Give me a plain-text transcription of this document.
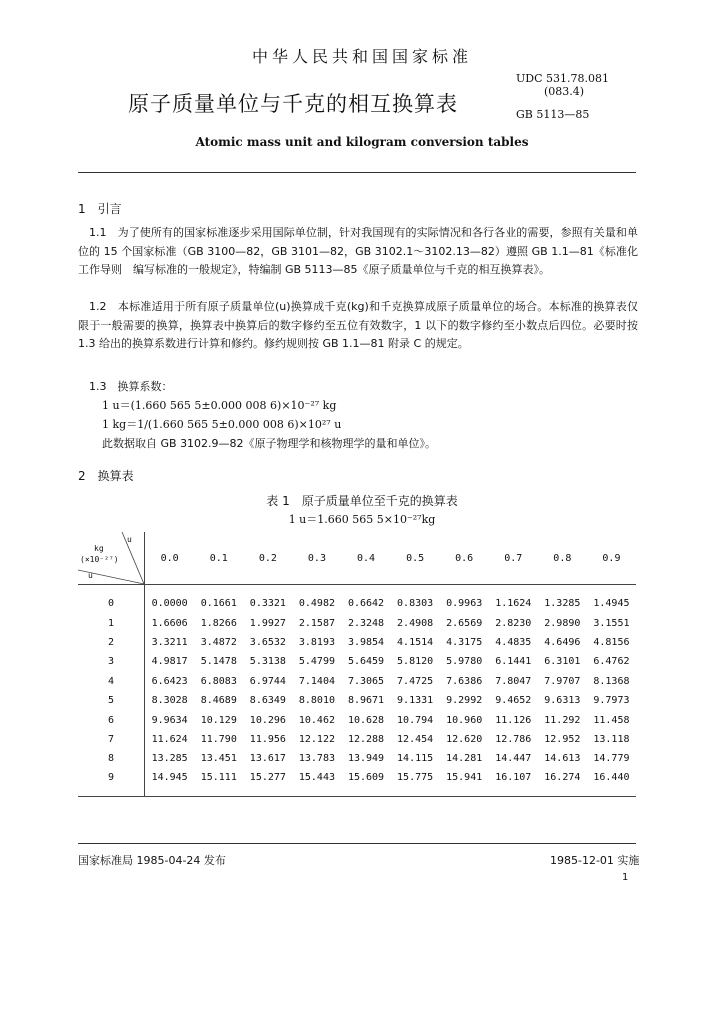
中华人民共和国国家标准
UDC 531.78.081
(083.4)
GB 5113—85
原子质量单位与千克的相互换算表
Atomic mass unit and kilogram conversion tables
1　引言
1.1　为了使所有的国家标准逐步采用国际单位制，针对我国现有的实际情况和各行各业的需要，参照有关量和单位的 15 个国家标准（GB 3100—82，GB 3101—82，GB 3102.1～3102.13—82）遵照 GB 1.1—81《标准化工作导则　编写标准的一般规定》，特编制 GB 5113—85《原子质量单位与千克的相互换算表》。
1.2　本标准适用于所有原子质量单位(u)换算成千克(kg)和千克换算成原子质量单位的场合。本标准的换算表仅限于一般需要的换算，换算表中换算后的数字修约至五位有效数字，1 以下的数字修约至小数点后四位。必要时按 1.3 给出的换算系数进行计算和修约。修约规则按 GB 1.1—81 附录 C 的规定。
1.3　换算系数：
1 u＝(1.660 565 5±0.000 008 6)×10⁻²⁷ kg
1 kg＝1/(1.660 565 5±0.000 008 6)×10²⁷ u
此数据取自 GB 3102.9—82《原子物理学和核物理学的量和单位》。
2　换算表
表 1　原子质量单位至千克的换算表
1 u＝1.660 565 5×10⁻²⁷kg
u
kg
(×10⁻²⁷)
u	0.0	0.1	0.2	0.3	0.4	0.5	0.6	0.7	0.8	0.9

0	0.0000	0.1661	0.3321	0.4982	0.6642	0.8303	0.9963	1.1624	1.3285	1.4945
1	1.6606	1.8266	1.9927	2.1587	2.3248	2.4908	2.6569	2.8230	2.9890	3.1551
2	3.3211	3.4872	3.6532	3.8193	3.9854	4.1514	4.3175	4.4835	4.6496	4.8156
3	4.9817	5.1478	5.3138	5.4799	5.6459	5.8120	5.9780	6.1441	6.3101	6.4762
4	6.6423	6.8083	6.9744	7.1404	7.3065	7.4725	7.6386	7.8047	7.9707	8.1368
5	8.3028	8.4689	8.6349	8.8010	8.9671	9.1331	9.2992	9.4652	9.6313	9.7973
6	9.9634	10.129	10.296	10.462	10.628	10.794	10.960	11.126	11.292	11.458
7	11.624	11.790	11.956	12.122	12.288	12.454	12.620	12.786	12.952	13.118
8	13.285	13.451	13.617	13.783	13.949	14.115	14.281	14.447	14.613	14.779
9	14.945	15.111	15.277	15.443	15.609	15.775	15.941	16.107	16.274	16.440
国家标准局 1985-04-24 发布	1985-12-01 实施
1
